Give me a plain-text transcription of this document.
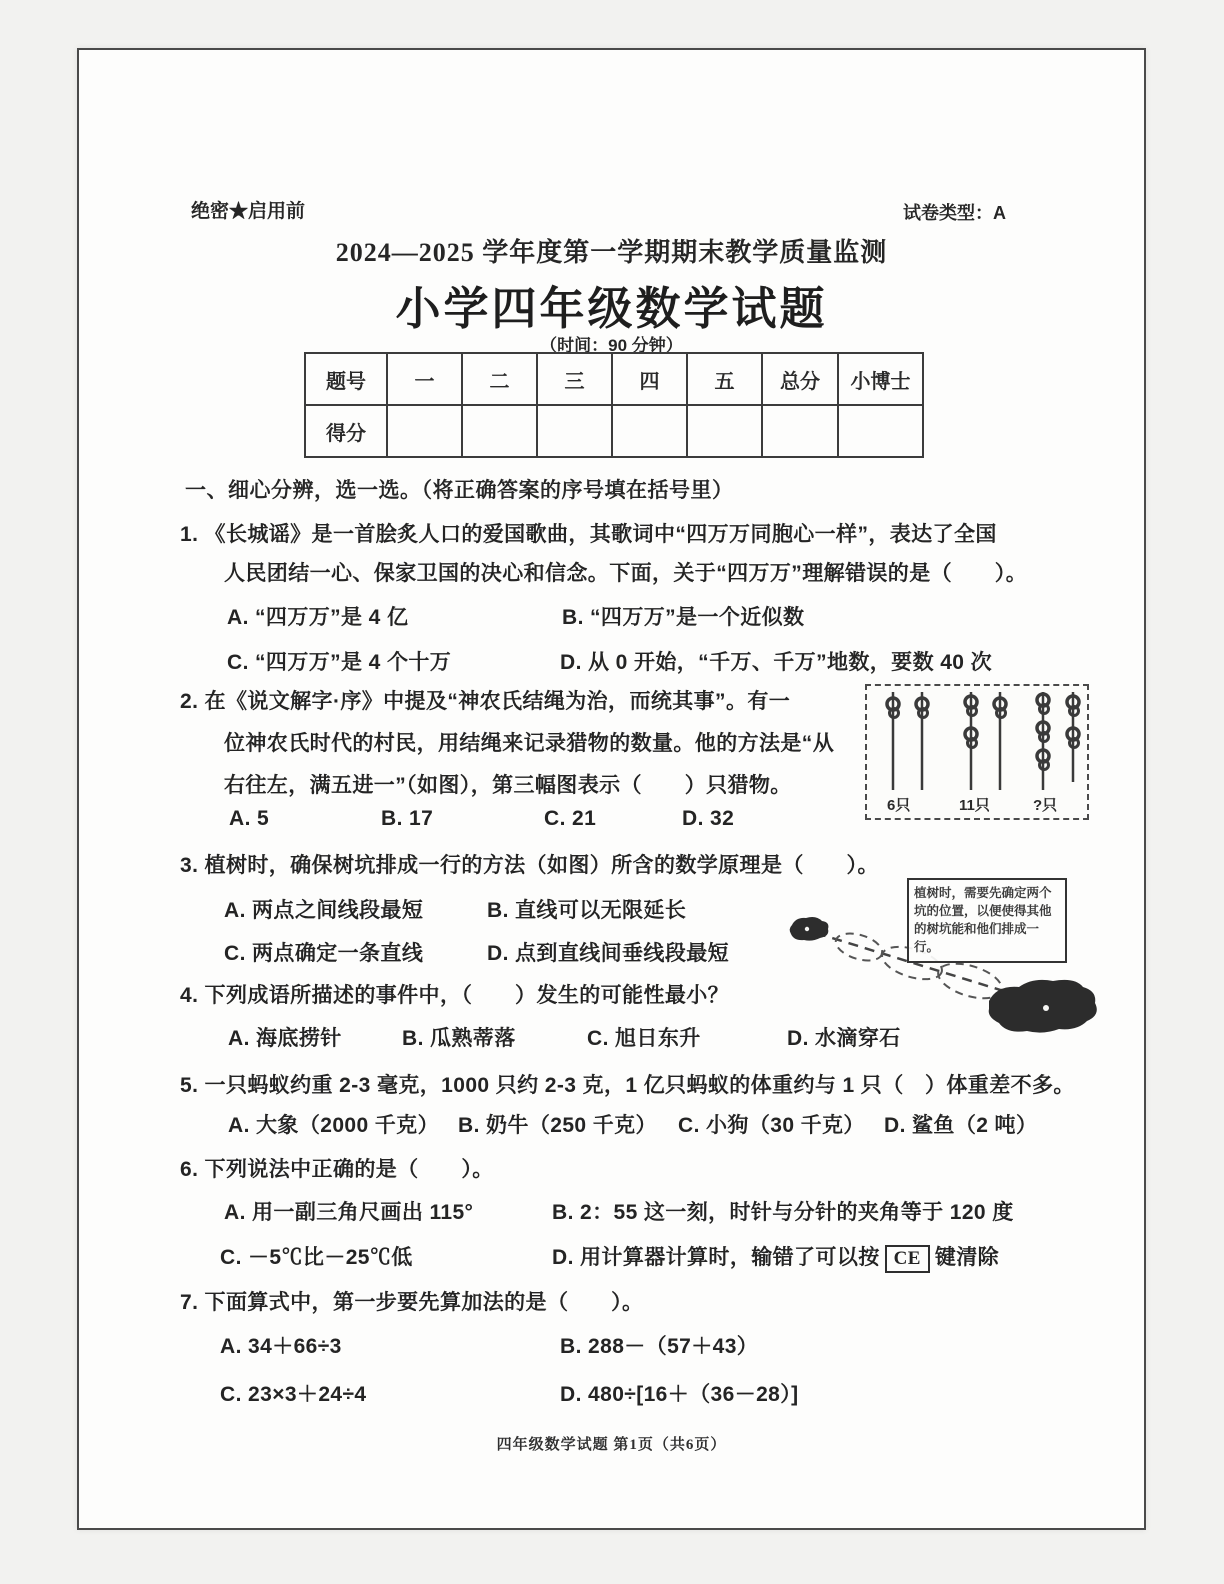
绝密★启用前	试卷类型：A
2024—2025 学年度第一学期期末教学质量监测
小学四年级数学试题
（时间：90 分钟）
题号	一	二	三	四	五	总分	小博士
得分							
一、细心分辨，选一选。（将正确答案的序号填在括号里）
1. 《长城谣》是一首脍炙人口的爱国歌曲，其歌词中“四万万同胞心一样”，表达了全国
人民团结一心、保家卫国的决心和信念。下面，关于“四万万”理解错误的是（　　）。
A. “四万万”是 4 亿	B. “四万万”是一个近似数
C. “四万万”是 4 个十万	D. 从 0 开始，“千万、千万”地数，要数 40 次
2. 在《说文解字·序》中提及“神农氏结绳为治，而统其事”。有一
位神农氏时代的村民，用结绳来记录猎物的数量。他的方法是“从
右往左，满五进一”（如图），第三幅图表示（　　）只猎物。
A. 5	B. 17	C. 21	D. 32
6只	11只	?只
3. 植树时，确保树坑排成一行的方法（如图）所含的数学原理是（　　）。
A. 两点之间线段最短	B. 直线可以无限延长
C. 两点确定一条直线	D. 点到直线间垂线段最短
植树时，需要先确定两个坑的位置，以便使得其他的树坑能和他们排成一行。
4. 下列成语所描述的事件中，（　　）发生的可能性最小？
A. 海底捞针	B. 瓜熟蒂落	C. 旭日东升	D. 水滴穿石
5. 一只蚂蚁约重 2-3 毫克，1000 只约 2-3 克，1 亿只蚂蚁的体重约与 1 只（　）体重差不多。
A. 大象（2000 千克） B. 奶牛（250 千克） C. 小狗（30 千克） D. 鲨鱼（2 吨）
6. 下列说法中正确的是（　　）。
A. 用一副三角尺画出 115°	B. 2：55 这一刻，时针与分针的夹角等于 120 度
C. －5℃比－25℃低	D. 用计算器计算时，输错了可以按 CE 键清除
7. 下面算式中，第一步要先算加法的是（　　）。
A. 34＋66÷3	B. 288－（57＋43）
C. 23×3＋24÷4	D. 480÷[16＋（36－28）]
四年级数学试题 第1页（共6页）
